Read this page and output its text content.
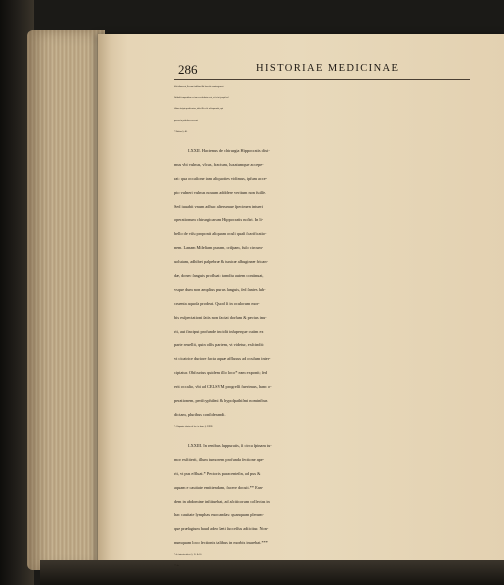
286	HISTORIAE MEDICINAE
ſibi tribuerent, & cum ſordibus ſibi lucroſis coniungerent.
Oribaſii temporibus eo iam res deducta erat, vt is in ſynopſi ad
filium ſcripta profiteretur, talia illis eſſe relinquenda, qui
pueros in palæſtra exercent.
* Ibidem §. 48.
LXXII. Hactenus de chirurgia Hippocratis dixi-
mus vbi vulnus, vlcus, fractum, luxatumque accepe-
rat: qua occaſione iam aliquoties vidimus, ipſum acce-
pto vulneri vulnus nouum adddere veritum non fuiſſe.
Sed iuuabit vnum adhuc alterumue ſpecimen intueri
operationum chirurgicarum Hippocratis noſtri. In li-
bello de viſu proponit aliquam oculi quaſi ſcarificatio-
nem. Lanam Mileſiam puram, criſpam, fuſo circum-
uolutam, adhibet palpebræ & tunicæ albugineæ frican-
dæ, donec ſanguis profluat: tamdiu autem continuat,
vsque dum non amplius purus ſanguis, ſed ſanies ſub-
cruenta aquoſa prodeat. Quod ſi in oculorum mor-
bis exſpectationi ſatis non faciat dorſum & pectus inu-
rit, aut ſinciput profunde incidit inſuperque cutim ex
parte reuellit, quin oſſis partem, vt videtur, exſcindit:
vt cicatrice duriore facta aquæ affluxus ad oculum inter-
cipiatur. Obſcurius quidem illo loco* eam exponit; ſed
erit occaſio, vbi ad CELSVM progreſſi fuerimus, hanc o-
perationem, periſcyphiſmi & hypoſpathiſmi nominibus
dictam, pluribus conſiderandi.
* Aliquanto clarius de loc. in hom. §. XXIII.
LXXIII. In renibus ſuppuratis, ſi circa ſpinam tu-
mor exſtiterit, illum tumorem profunda ſectione ape-
rit, vt pus effluat.* Pectoris paracenteſin, ad pus &
aquam e cauitate emittendam, facere docuit.** Ean-
dem in abdomine inſtituebat, ad aſciticorum collectas in
hac cauitate lymphas euocandas: quanquam plerum-
que præſagium haud adeo læti ſucceſſus adiicitur. Non-
numquam loco ſectionis talibus in morbis inurebat.***
* de internis affect. §. 15. & 16.
** de
